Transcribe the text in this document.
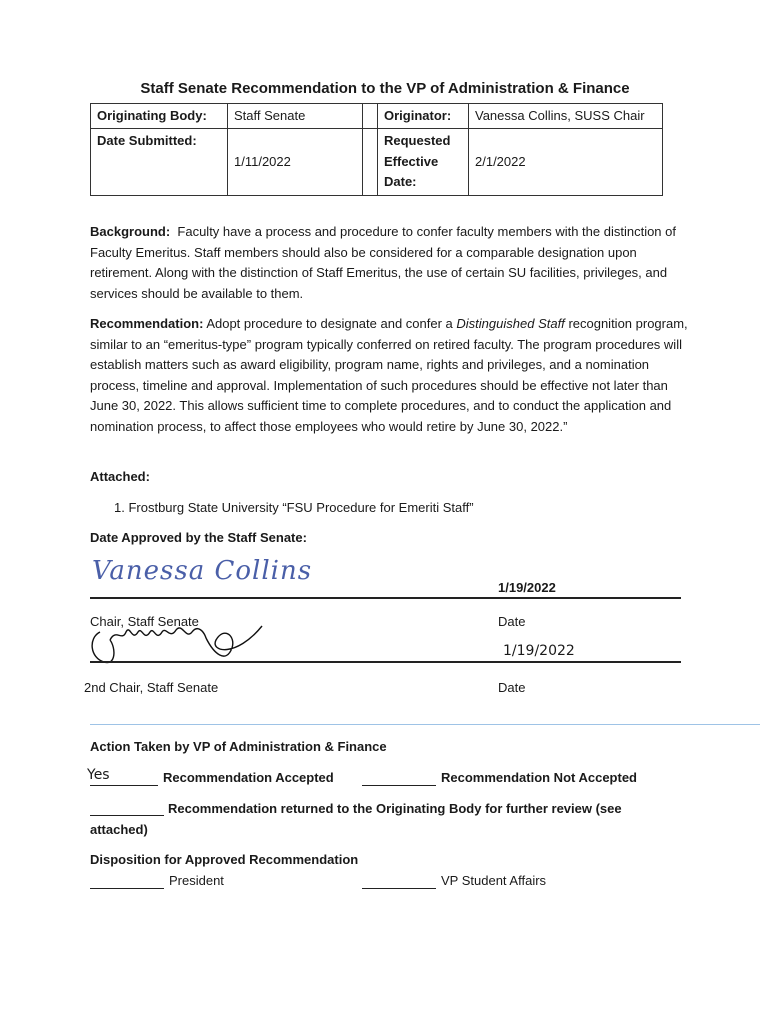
Staff Senate Recommendation to the VP of Administration & Finance
Originating Body:	Staff Senate		Originator:	Vanessa Collins, SUSS Chair
Date Submitted:	1/11/2022		Requested Effective Date:	2/1/2022
Background: Faculty have a process and procedure to confer faculty members with the distinction of Faculty Emeritus. Staff members should also be considered for a comparable designation upon retirement. Along with the distinction of Staff Emeritus, the use of certain SU facilities, privileges, and services should be available to them.
Recommendation: Adopt procedure to designate and confer a Distinguished Staff recognition program, similar to an “emeritus-type” program typically conferred on retired faculty. The program procedures will establish matters such as award eligibility, program name, rights and privileges, and a nomination process, timeline and approval. Implementation of such procedures should be effective not later than June 30, 2022. This allows sufficient time to complete procedures, and to conduct the application and nomination process, to affect those employees who would retire by June 30, 2022.”
Attached:
1. Frostburg State University “FSU Procedure for Emeriti Staff”
Date Approved by the Staff Senate:
Vanessa Collins
1/19/2022
Chair, Staff Senate	Date
1/19/2022
2nd Chair, Staff Senate	Date
Action Taken by VP of Administration & Finance
Yes	Recommendation Accepted	Recommendation Not Accepted
Recommendation returned to the Originating Body for further review (see
attached)
Disposition for Approved Recommendation
President	VP Student Affairs
